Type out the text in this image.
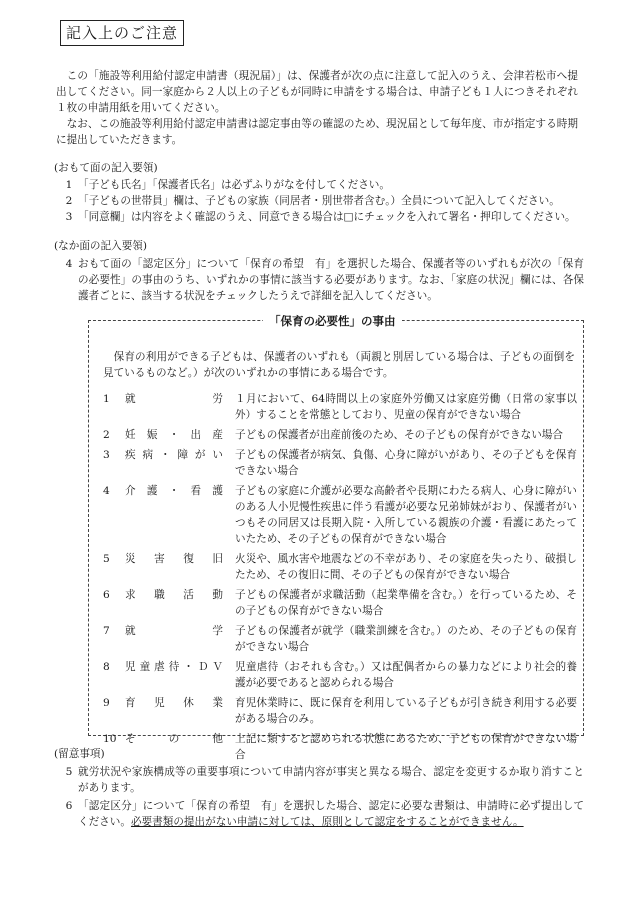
記入上のご注意

この「施設等利用給付認定申請書（現況届）」は、保護者が次の点に注意して記入のうえ、会津若松市へ提出してください。同一家庭から２人以上の子どもが同時に申請をする場合は、申請子ども１人につきそれぞれ１枚の申請用紙を用いてください。

なお、この施設等利用給付認定申請書は認定事由等の確認のため、現況届として毎年度、市が指定する時期に提出していただきます。

(おもて面の記入要領)
1 「子ども氏名」「保護者氏名」は必ずふりがなを付してください。
2 「子どもの世帯員」欄は、子どもの家族（同居者・別世帯者含む。）全員について記入してください。
3 「同意欄」は内容をよく確認のうえ、同意できる場合は□にチェックを入れて署名・押印してください。
(なか面の記入要領)
4 おもて面の「認定区分」について「保育の希望　有」を選択した場合、保護者等のいずれもが次の「保育の必要性」の事由のうち、いずれかの事情に該当する必要があります。なお、「家庭の状況」欄には、各保護者ごとに、該当する状況をチェックしたうえで詳細を記入してください。
「保育の必要性」の事由
保育の利用ができる子どもは、保護者のいずれも（両親と別居している場合は、子どもの面倒を見ているものなど。）が次のいずれかの事情にある場合です。
1	就労	１月において、64時間以上の家庭外労働又は家庭労働（日常の家事以外）することを常態としており、児童の保育ができない場合
2	妊娠・出産	子どもの保護者が出産前後のため、その子どもの保育ができない場合
3	疾病・障がい	子どもの保護者が病気、負傷、心身に障がいがあり、その子どもを保育できない場合
4	介護・看護	子どもの家庭に介護が必要な高齢者や長期にわたる病人、心身に障がいのある人小児慢性疾患に伴う看護が必要な兄弟姉妹がおり、保護者がいつもその同居又は長期入院・入所している親族の介護・看護にあたっていたため、その子どもの保育ができない場合
5	災害復旧	火災や、風水害や地震などの不幸があり、その家庭を失ったり、破損したため、その復旧に間、その子どもの保育ができない場合
6	求職活動	子どもの保護者が求職活動（起業準備を含む。）を行っているため、その子どもの保育ができない場合
7	就学	子どもの保護者が就学（職業訓練を含む。）のため、その子どもの保育ができない場合
8	児童虐待・ＤＶ	児童虐待（おそれも含む。）又は配偶者からの暴力などにより社会的養護が必要であると認められる場合
9	育児休業	育児休業時に、既に保育を利用している子どもが引き続き利用する必要がある場合のみ。
10 その他	上記に類すると認められる状態にあるため、子どもの保育ができない場合
(留意事項)
5 就労状況や家族構成等の重要事項について申請内容が事実と異なる場合、認定を変更するか取り消すことがあります。
6 「認定区分」について「保育の希望　有」を選択した場合、認定に必要な書類は、申請時に必ず提出してください。必要書類の提出がない申請に対しては、原則として認定をすることができません。
